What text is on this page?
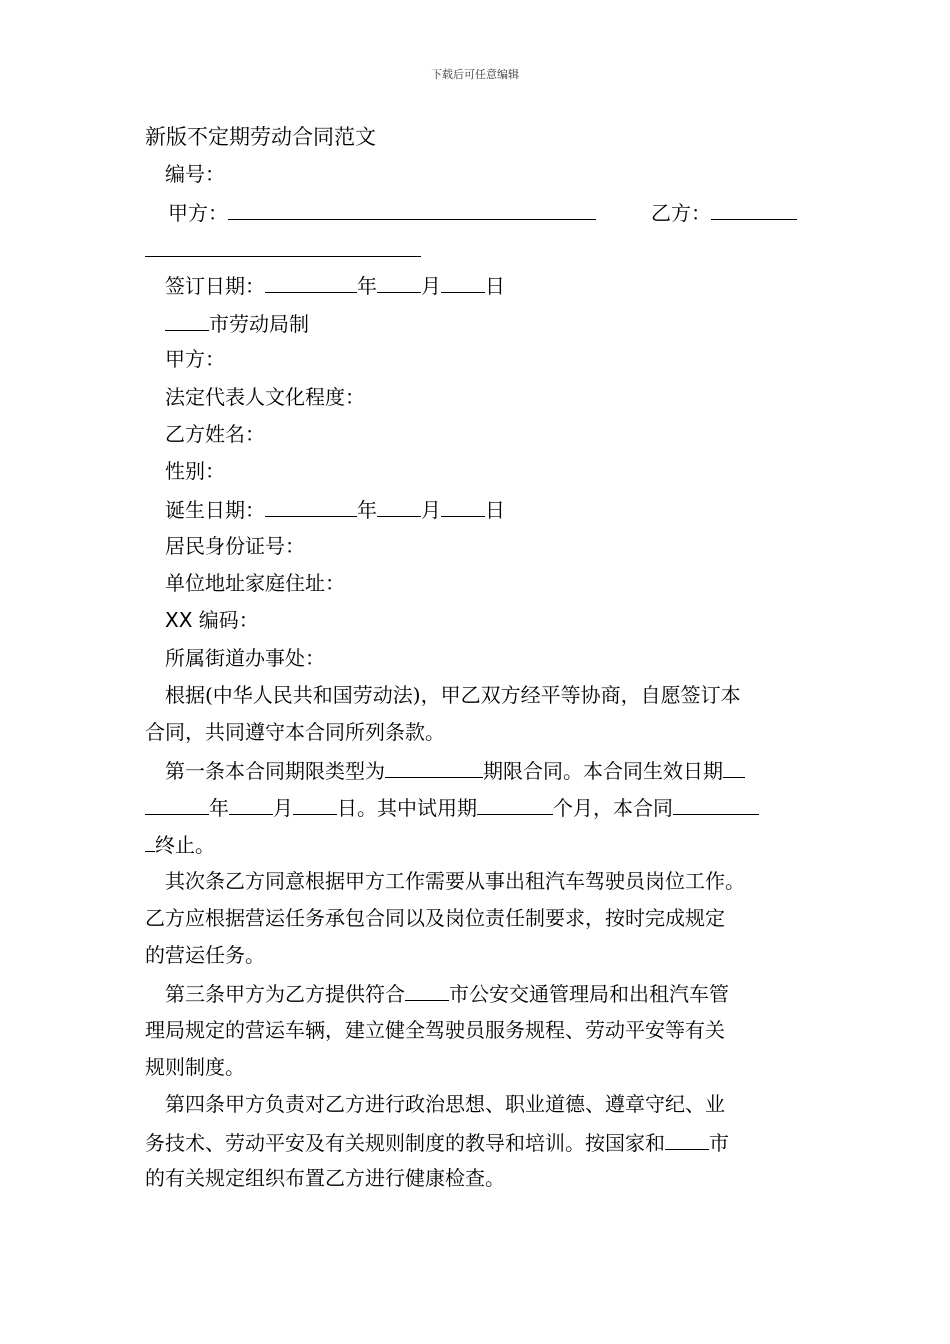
下载后可任意编辑
新版不定期劳动合同范文
编号：
甲方：	乙方：
签订日期：	年 月 日
市劳动局制
甲方：
法定代表人文化程度：
乙方姓名：
性别：
诞生日期：	年 月 日
居民身份证号：
单位地址家庭住址：
XX 编码：
所属街道办事处：
根据(中华人民共和国劳动法)，甲乙双方经平等协商，自愿签订本
合同，共同遵守本合同所列条款。
第一条本合同期限类型为	期限合同。本合同生效日期
年 月 日。其中试用期	个月，本合同
终止。
其次条乙方同意根据甲方工作需要从事出租汽车驾驶员岗位工作。
乙方应根据营运任务承包合同以及岗位责任制要求，按时完成规定
的营运任务。
第三条甲方为乙方提供符合 市公安交通管理局和出租汽车管
理局规定的营运车辆，建立健全驾驶员服务规程、劳动平安等有关
规则制度。
第四条甲方负责对乙方进行政治思想、职业道德、遵章守纪、业
务技术、劳动平安及有关规则制度的教导和培训。按国家和 市
的有关规定组织布置乙方进行健康检查。
